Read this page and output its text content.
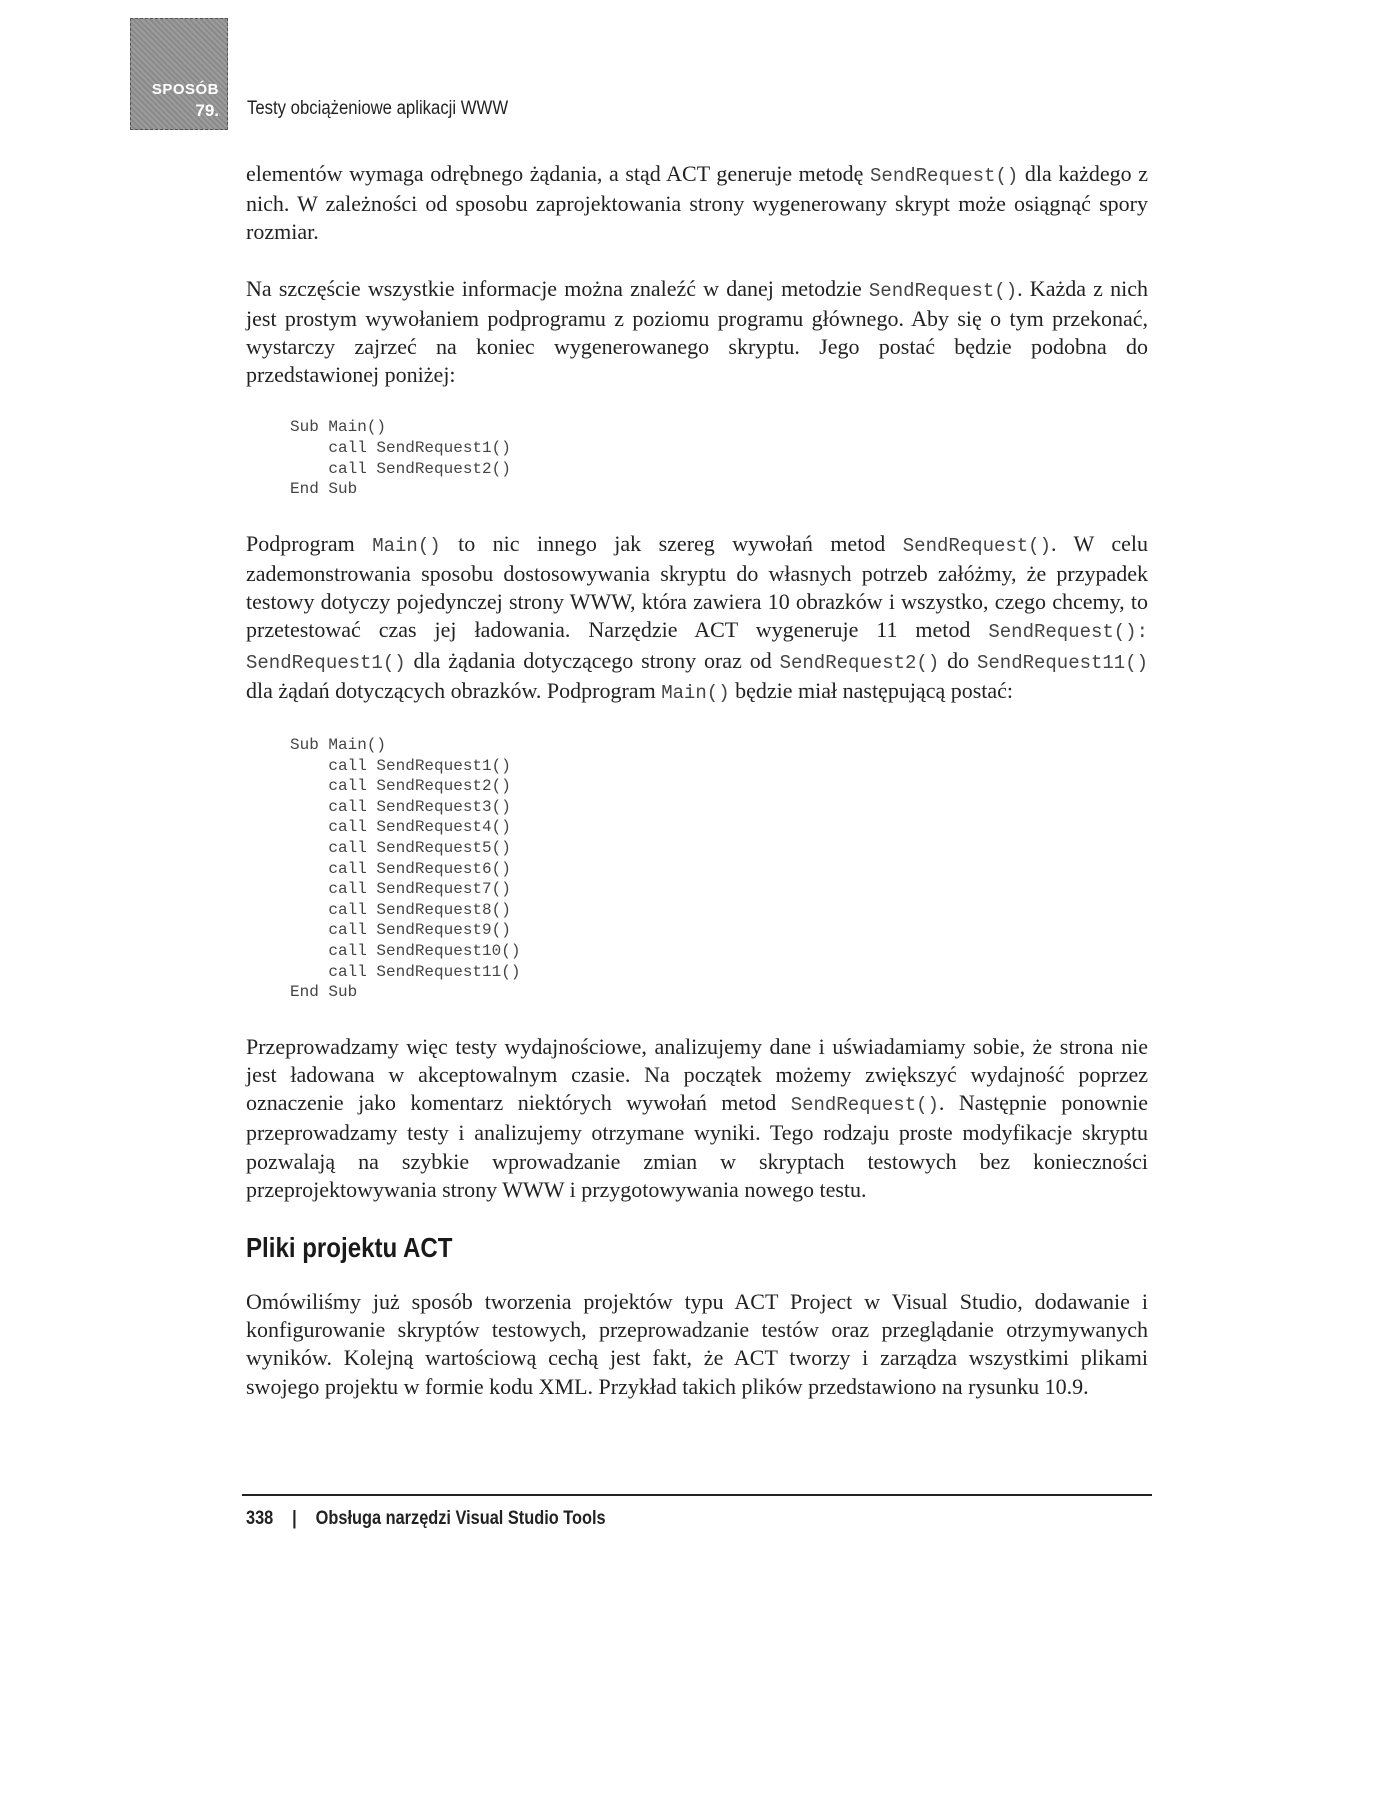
SPOSÓB
79. Testy obciążeniowe aplikacji WWW

elementów wymaga odrębnego żądania, a stąd ACT generuje metodę SendRequest() dla każdego z nich. W zależności od sposobu zaprojektowania strony wygenerowany skrypt może osiągnąć spory rozmiar.

Na szczęście wszystkie informacje można znaleźć w danej metodzie SendRequest(). Każda z nich jest prostym wywołaniem podprogramu z poziomu programu głównego. Aby się o tym przekonać, wystarczy zajrzeć na koniec wygenerowanego skryptu. Jego postać będzie podobna do przedstawionej poniżej:

Sub Main()
call SendRequest1()
call SendRequest2()
End Sub

Podprogram Main() to nic innego jak szereg wywołań metod SendRequest(). W celu zademonstrowania sposobu dostosowywania skryptu do własnych potrzeb załóżmy, że przypadek testowy dotyczy pojedynczej strony WWW, która zawiera 10 obrazków i wszystko, czego chcemy, to przetestować czas jej ładowania. Narzędzie ACT wygeneruje 11 metod SendRequest(): SendRequest1() dla żądania dotyczącego strony oraz od SendRequest2() do SendRequest11() dla żądań dotyczących obrazków. Podprogram Main() będzie miał następującą postać:

Sub Main()
call SendRequest1()
call SendRequest2()
call SendRequest3()
call SendRequest4()
call SendRequest5()
call SendRequest6()
call SendRequest7()
call SendRequest8()
call SendRequest9()
call SendRequest10()
call SendRequest11()
End Sub

Przeprowadzamy więc testy wydajnościowe, analizujemy dane i uświadamiamy sobie, że strona nie jest ładowana w akceptowalnym czasie. Na początek możemy zwiększyć wydajność poprzez oznaczenie jako komentarz niektórych wywołań metod SendRequest(). Następnie ponownie przeprowadzamy testy i analizujemy otrzymane wyniki. Tego rodzaju proste modyfikacje skryptu pozwalają na szybkie wprowadzanie zmian w skryptach testowych bez konieczności przeprojektowywania strony WWW i przygotowywania nowego testu.

Pliki projektu ACT

Omówiliśmy już sposób tworzenia projektów typu ACT Project w Visual Studio, dodawanie i konfigurowanie skryptów testowych, przeprowadzanie testów oraz przeglądanie otrzymywanych wyników. Kolejną wartościową cechą jest fakt, że ACT tworzy i zarządza wszystkimi plikami swojego projektu w formie kodu XML. Przykład takich plików przedstawiono na rysunku 10.9.

338 | Obsługa narzędzi Visual Studio Tools
